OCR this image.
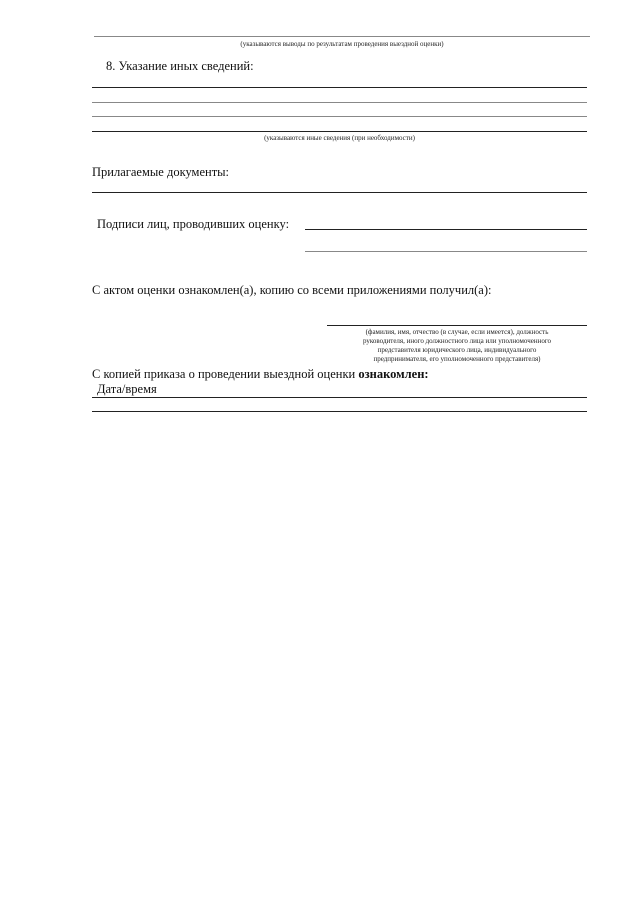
(указываются выводы по результатам проведения выездной оценки)
8. Указание иных сведений:
(указываются иные сведения (при необходимости)
Прилагаемые документы:
Подписи лиц, проводивших оценку:
С актом оценки ознакомлен(а), копию со всеми приложениями получил(а):
(фамилия, имя, отчество (в случае, если имеется), должность
руководителя, иного должностного лица или уполномоченного
представителя юридического лица, индивидуального
предпринимателя, его уполномоченного представителя)
С копией приказа о проведении выездной оценки ознакомлен:
Дата/время
